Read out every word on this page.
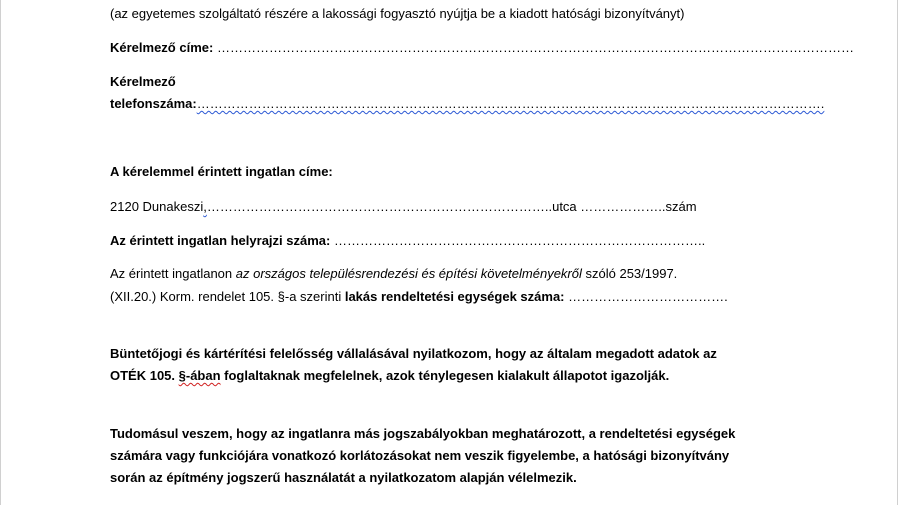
(az egyetemes szolgáltató részére a lakossági fogyasztó nyújtja be a kiadott hatósági bizonyítványt)
Kérelmező címe: …………………………………………………………………………………………………………………………………
Kérelmező
telefonszáma:……………………………………………………………………………………………………………………………….
A kérelemmel érintett ingatlan címe:
2120 Dunakeszi,……………………………………………………………………..utca ………………..szám
Az érintett ingatlan helyrajzi száma: …………………………………………………………………………..
Az érintett ingatlanon az országos településrendezési és építési követelményekről szóló 253/1997.
(XII.20.) Korm. rendelet 105. §-a szerinti lakás rendeltetési egységek száma: ……………………………….
Büntetőjogi és kártérítési felelősség vállalásával nyilatkozom, hogy az általam megadott adatok az
OTÉK 105. §-ában foglaltaknak megfelelnek, azok ténylegesen kialakult állapotot igazolják.
Tudomásul veszem, hogy az ingatlanra más jogszabályokban meghatározott, a rendeltetési egységek
számára vagy funkciójára vonatkozó korlátozásokat nem veszik figyelembe, a hatósági bizonyítvány
során az építmény jogszerű használatát a nyilatkozatom alapján vélelmezik.
